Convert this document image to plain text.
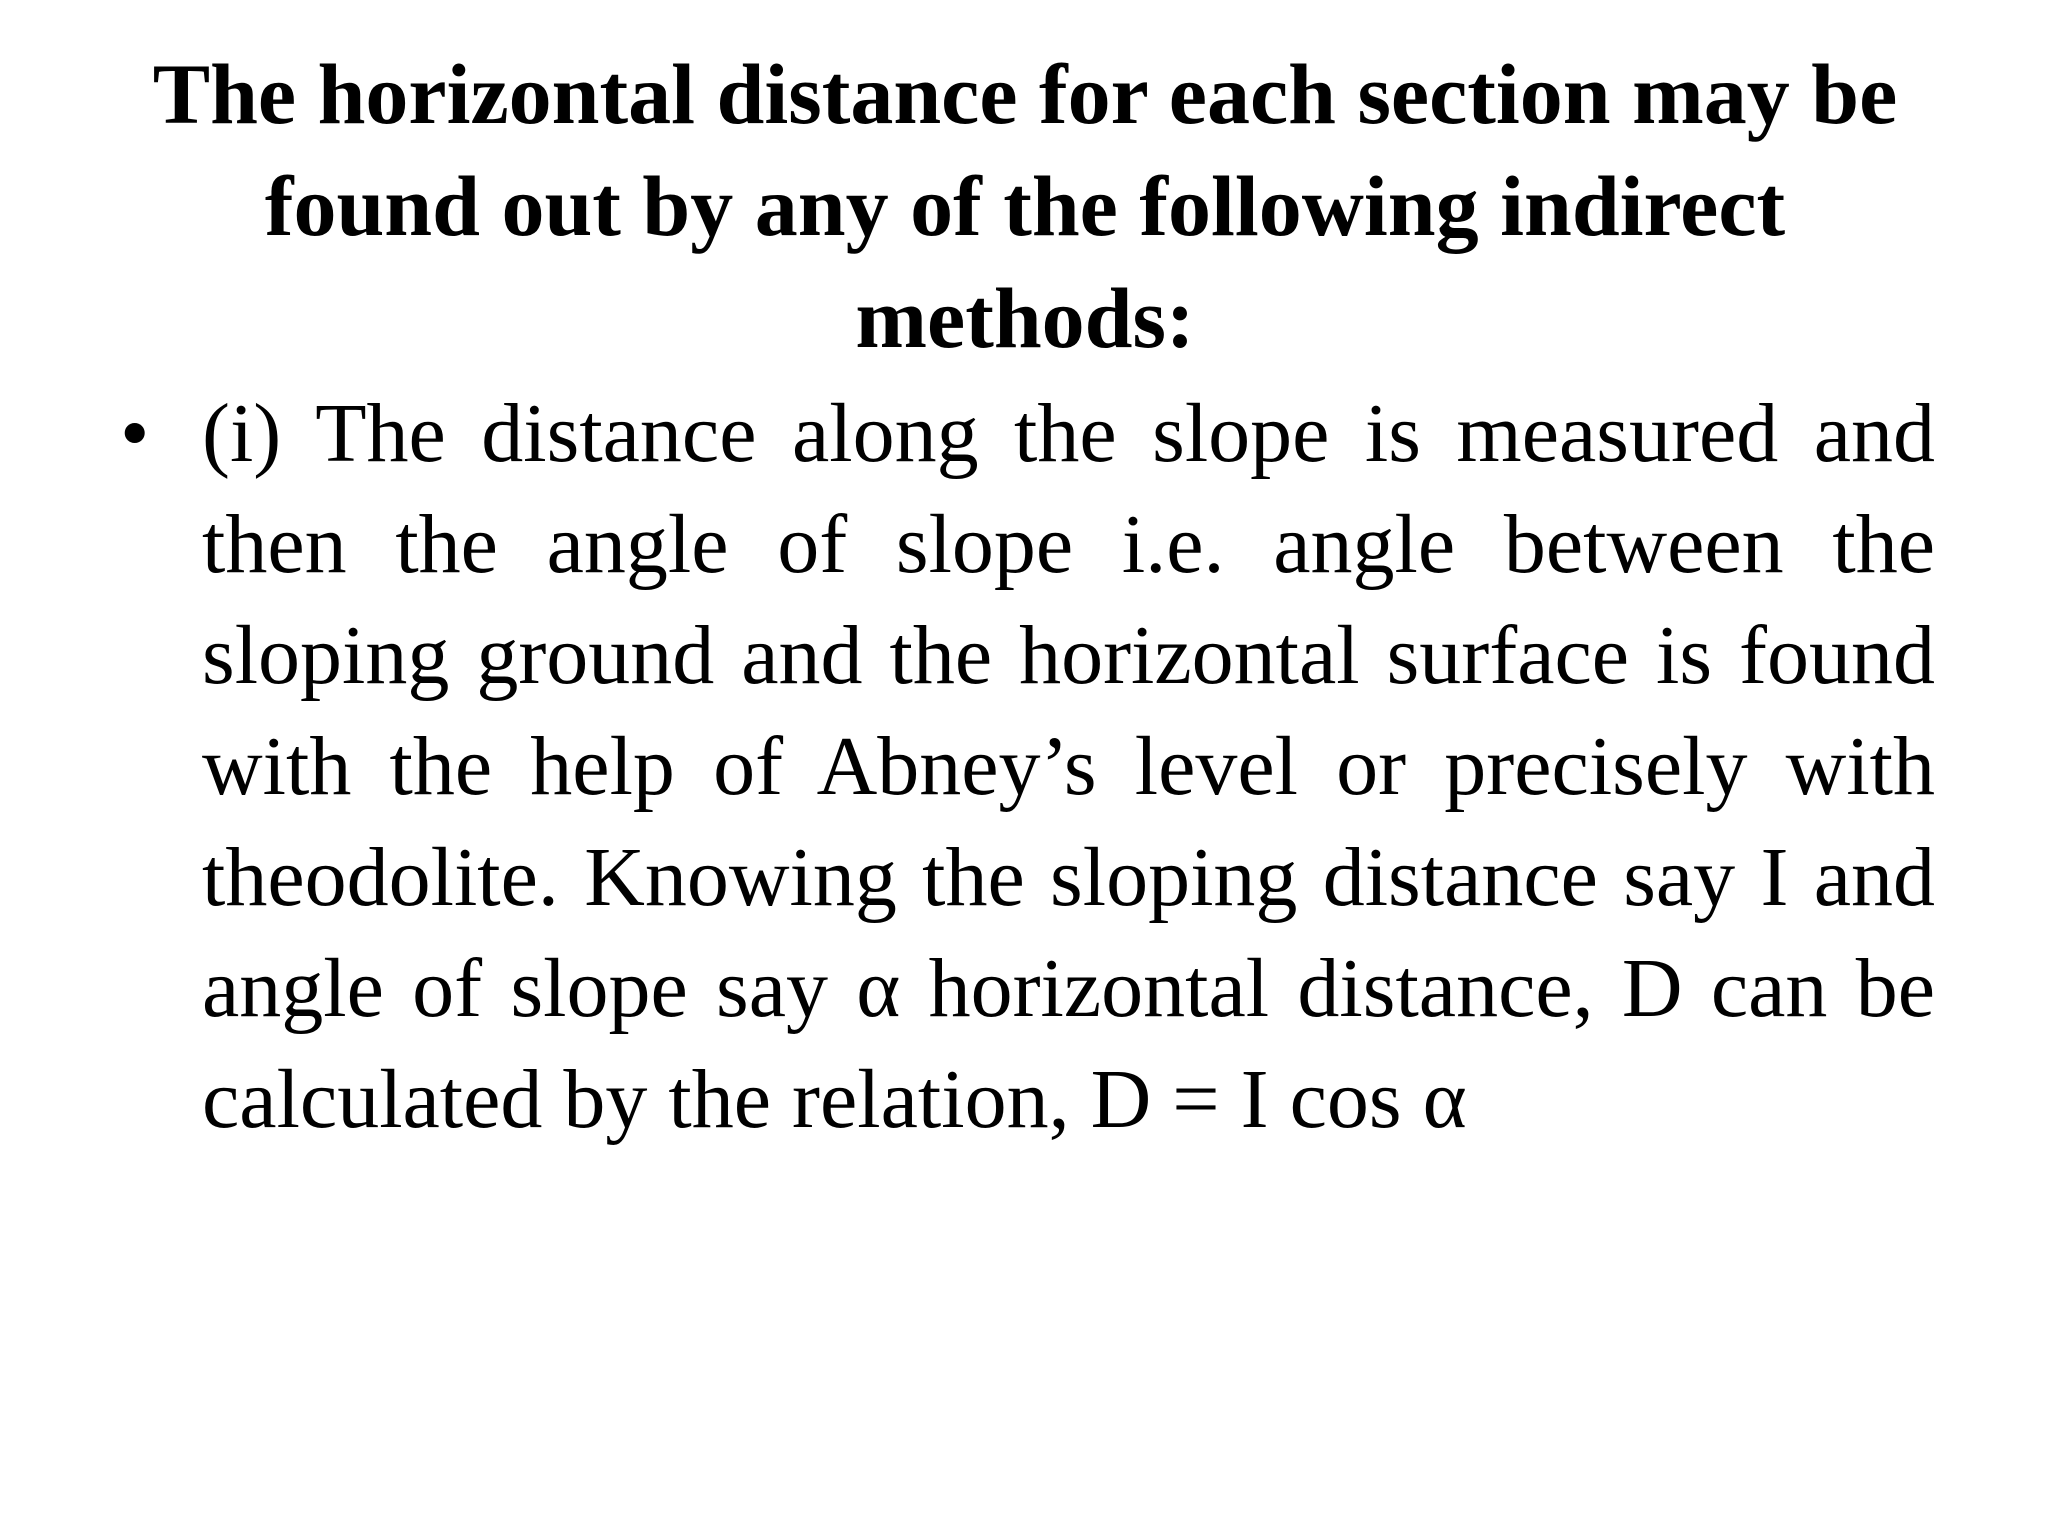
The horizontal distance for each section may be found out by any of the following indirect methods:
• (i) The distance along the slope is measured and then the angle of slope i.e. angle between the sloping ground and the horizontal surface is found with the help of Abney’s level or precisely with theodolite. Knowing the sloping distance say I and angle of slope say α horizontal distance, D can be calculated by the relation, D = I cos α
